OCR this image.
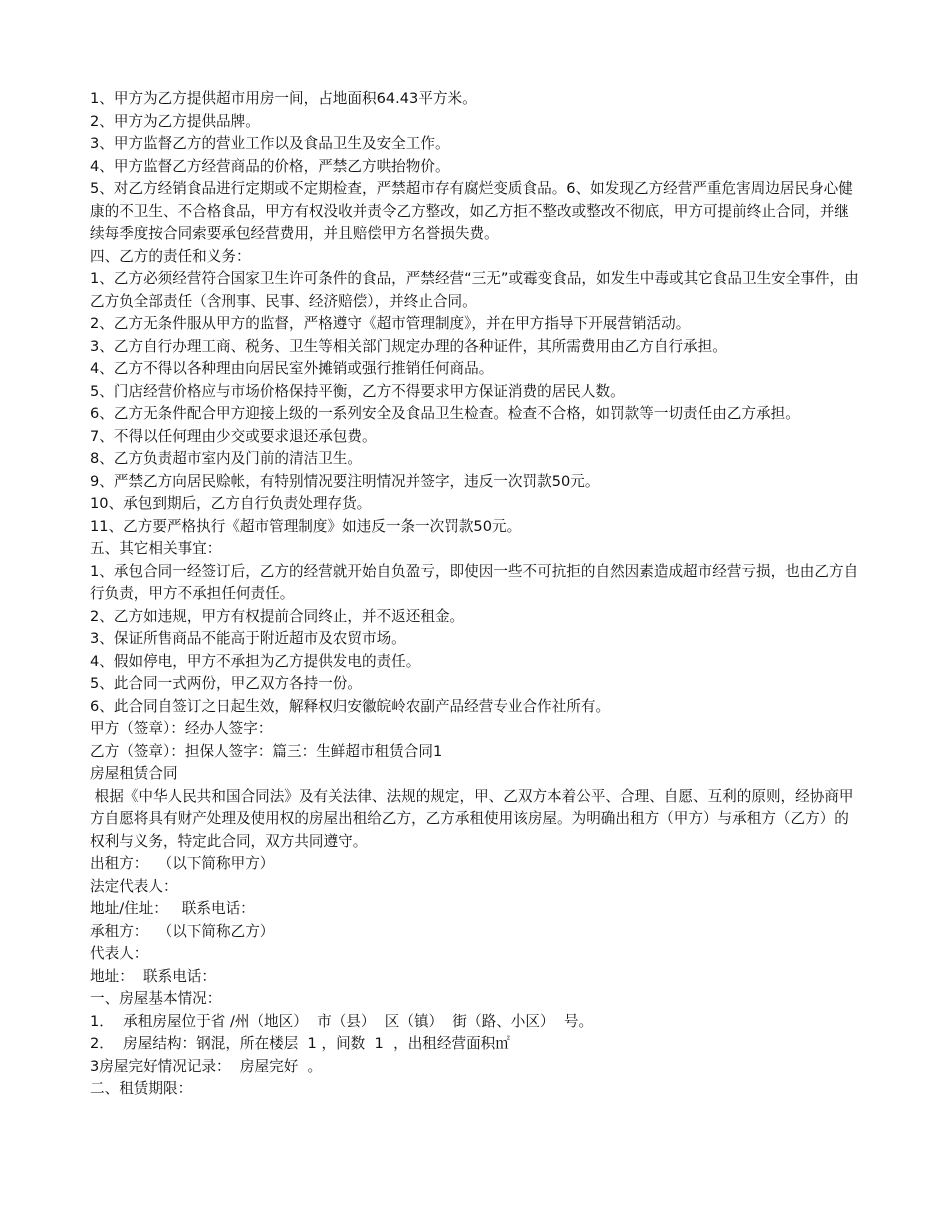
1、甲方为乙方提供超市用房一间，占地面积64.43平方米。

2、甲方为乙方提供品牌。

3、甲方监督乙方的营业工作以及食品卫生及安全工作。

4、甲方监督乙方经营商品的价格，严禁乙方哄抬物价。

5、对乙方经销食品进行定期或不定期检查，严禁超市存有腐烂变质食品。6、如发现乙方经营严重危害周边居民身心健康的不卫生、不合格食品，甲方有权没收并责令乙方整改，如乙方拒不整改或整改不彻底，甲方可提前终止合同，并继续每季度按合同索要承包经营费用，并且赔偿甲方名誉损失费。

四、乙方的责任和义务：

1、乙方必须经营符合国家卫生许可条件的食品，严禁经营“三无”或霉变食品，如发生中毒或其它食品卫生安全事件，由乙方负全部责任（含刑事、民事、经济赔偿），并终止合同。

2、乙方无条件服从甲方的监督，严格遵守《超市管理制度》，并在甲方指导下开展营销活动。

3、乙方自行办理工商、税务、卫生等相关部门规定办理的各种证件，其所需费用由乙方自行承担。

4、乙方不得以各种理由向居民室外摊销或强行推销任何商品。

5、门店经营价格应与市场价格保持平衡，乙方不得要求甲方保证消费的居民人数。

6、乙方无条件配合甲方迎接上级的一系列安全及食品卫生检查。检查不合格，如罚款等一切责任由乙方承担。

7、不得以任何理由少交或要求退还承包费。

8、乙方负责超市室内及门前的清洁卫生。

9、严禁乙方向居民赊帐，有特别情况要注明情况并签字，违反一次罚款50元。

10、承包到期后，乙方自行负责处理存货。

11、乙方要严格执行《超市管理制度》如违反一条一次罚款50元。

五、其它相关事宜：

1、承包合同一经签订后，乙方的经营就开始自负盈亏，即使因一些不可抗拒的自然因素造成超市经营亏损，也由乙方自行负责，甲方不承担任何责任。

2、乙方如违规，甲方有权提前合同终止，并不返还租金。

3、保证所售商品不能高于附近超市及农贸市场。

4、假如停电，甲方不承担为乙方提供发电的责任。

5、此合同一式两份，甲乙双方各持一份。

6、此合同自签订之日起生效，解释权归安徽皖岭农副产品经营专业合作社所有。

甲方（签章）：经办人签字：

乙方（签章）：担保人签字：篇三：生鲜超市租赁合同1

房屋租赁合同

根据《中华人民共和国合同法》及有关法律、法规的规定，甲、乙双方本着公平、合理、自愿、互利的原则，经协商甲方自愿将具有财产处理及使用权的房屋出租给乙方，乙方承租使用该房屋。为明确出租方（甲方）与承租方（乙方）的权利与义务，特定此合同，双方共同遵守。

出租方：  （以下简称甲方）

法定代表人：

地址/住址：   联系电话：

承租方：  （以下简称乙方）

代表人：

地址：  联系电话：

一、房屋基本情况：

1．  承租房屋位于省 /州（地区）  市（县）  区（镇）  街（路、小区）  号。

2．  房屋结构：钢混，所在楼层  1 ，间数  1  ，出租经营面积㎡

3房屋完好情况记录：  房屋完好  。

二、租赁期限：
